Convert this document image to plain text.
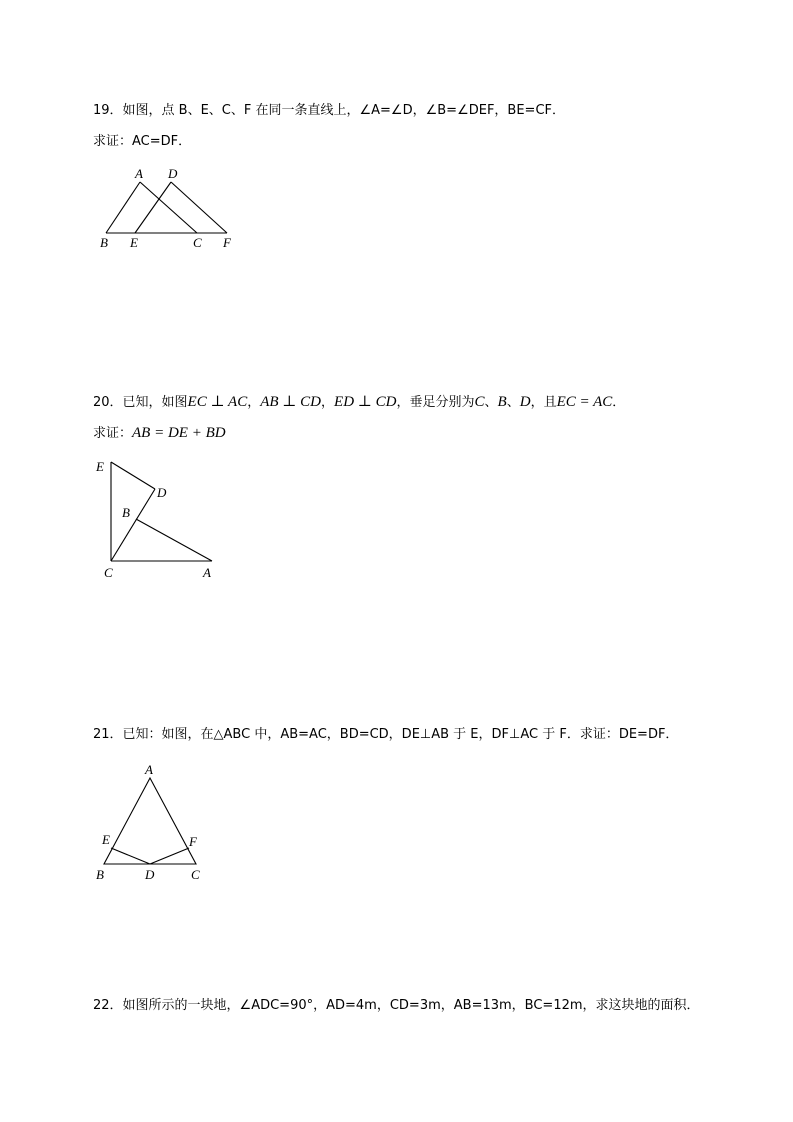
19．如图，点 B、E、C、F 在同一条直线上，∠A=∠D，∠B=∠DEF，BE=CF．
求证：AC=DF．
A D
B E	C F
20．已知，如图EC ⊥ AC，AB ⊥ CD，ED ⊥ CD，垂足分别为C、B、D，且EC = AC．
求证：AB = DE + BD
E
D
B
C	A
21．已知：如图，在△ABC 中，AB=AC，BD=CD，DE⊥AB 于 E，DF⊥AC 于 F．求证：DE=DF．
A
E	F
B	D	C
22．如图所示的一块地，∠ADC=90°，AD=4m，CD=3m，AB=13m，BC=12m，求这块地的面积．
